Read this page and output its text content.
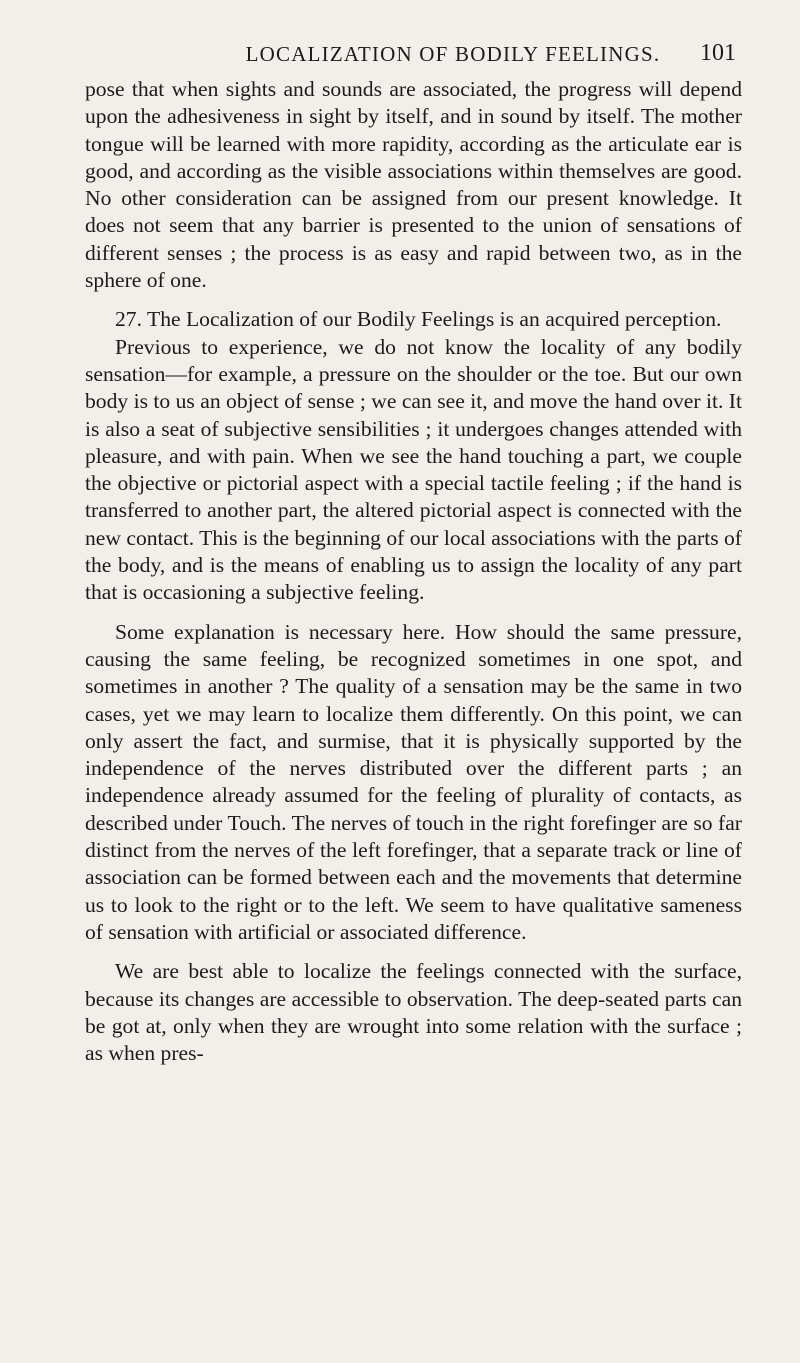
LOCALIZATION OF BODILY FEELINGS.	101

pose that when sights and sounds are associated, the progress will depend upon the adhesiveness in sight by itself, and in sound by itself. The mother tongue will be learned with more rapidity, according as the articulate ear is good, and according as the visible associations within themselves are good. No other consideration can be assigned from our present knowledge. It does not seem that any barrier is presented to the union of sensations of different senses ; the process is as easy and rapid between two, as in the sphere of one.

27. The Localization of our Bodily Feelings is an acquired perception.

Previous to experience, we do not know the locality of any bodily sensation—for example, a pressure on the shoulder or the toe. But our own body is to us an object of sense ; we can see it, and move the hand over it. It is also a seat of subjective sensibilities ; it undergoes changes attended with pleasure, and with pain. When we see the hand touching a part, we couple the objective or pictorial aspect with a special tactile feeling ; if the hand is transferred to another part, the altered pictorial aspect is connected with the new contact. This is the beginning of our local associations with the parts of the body, and is the means of enabling us to assign the locality of any part that is occasioning a subjective feeling.

Some explanation is necessary here. How should the same pressure, causing the same feeling, be recognized sometimes in one spot, and sometimes in another ? The quality of a sensation may be the same in two cases, yet we may learn to localize them differently. On this point, we can only assert the fact, and surmise, that it is physically supported by the independence of the nerves distributed over the different parts ; an independence already assumed for the feeling of plurality of contacts, as described under Touch. The nerves of touch in the right forefinger are so far distinct from the nerves of the left forefinger, that a separate track or line of association can be formed between each and the movements that determine us to look to the right or to the left. We seem to have qualitative sameness of sensation with artificial or associated difference.

We are best able to localize the feelings connected with the surface, because its changes are accessible to observation. The deep-seated parts can be got at, only when they are wrought into some relation with the surface ; as when pres-
